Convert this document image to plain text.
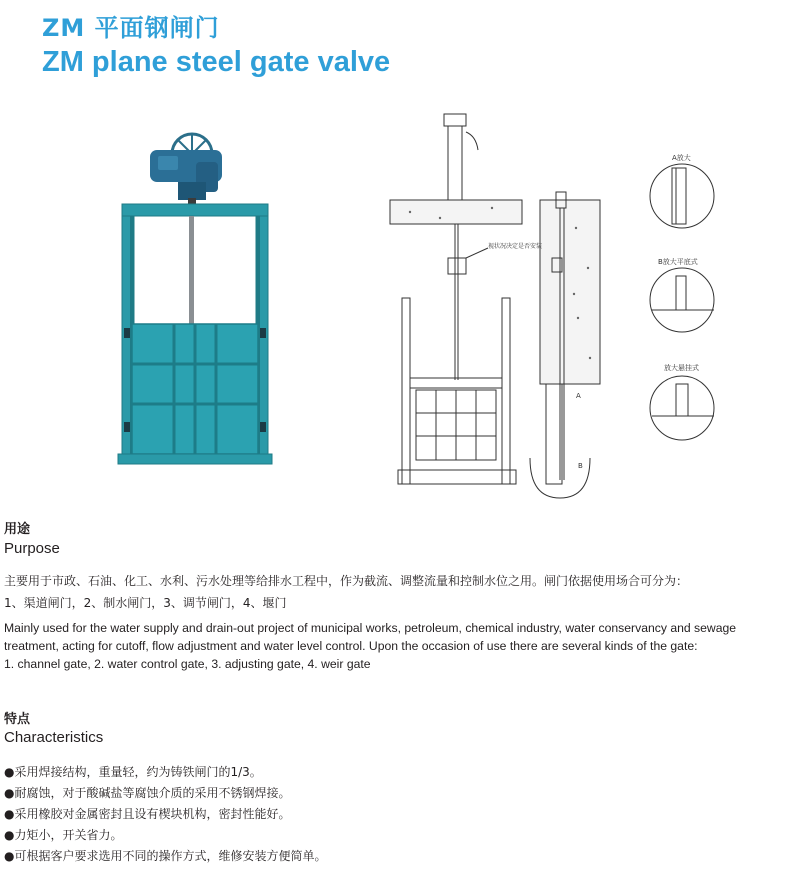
ZM 平面钢闸门
ZM plane steel gate valve
视状况决定是否安装
A
B
A放大
B放大平底式
放大悬挂式
用途
Purpose
主要用于市政、石油、化工、水利、污水处理等给排水工程中，作为截流、调整流量和控制水位之用。闸门依据使用场合可分为：
1、渠道闸门，2、制水闸门，3、调节闸门，4、堰门
Mainly used for the water supply and drain-out project of municipal works, petroleum, chemical industry, water conservancy and sewage
treatment, acting for cutoff, flow adjustment and water level control. Upon the occasion of use there are several kinds of the gate:
1. channel gate, 2. water control gate, 3. adjusting gate, 4. weir gate
特点
Characteristics
●采用焊接结构，重量轻，约为铸铁闸门的1/3。
●耐腐蚀，对于酸碱盐等腐蚀介质的采用不锈钢焊接。
●采用橡胶对金属密封且设有楔块机构，密封性能好。
●力矩小，开关省力。
●可根据客户要求选用不同的操作方式，维修安装方便简单。
